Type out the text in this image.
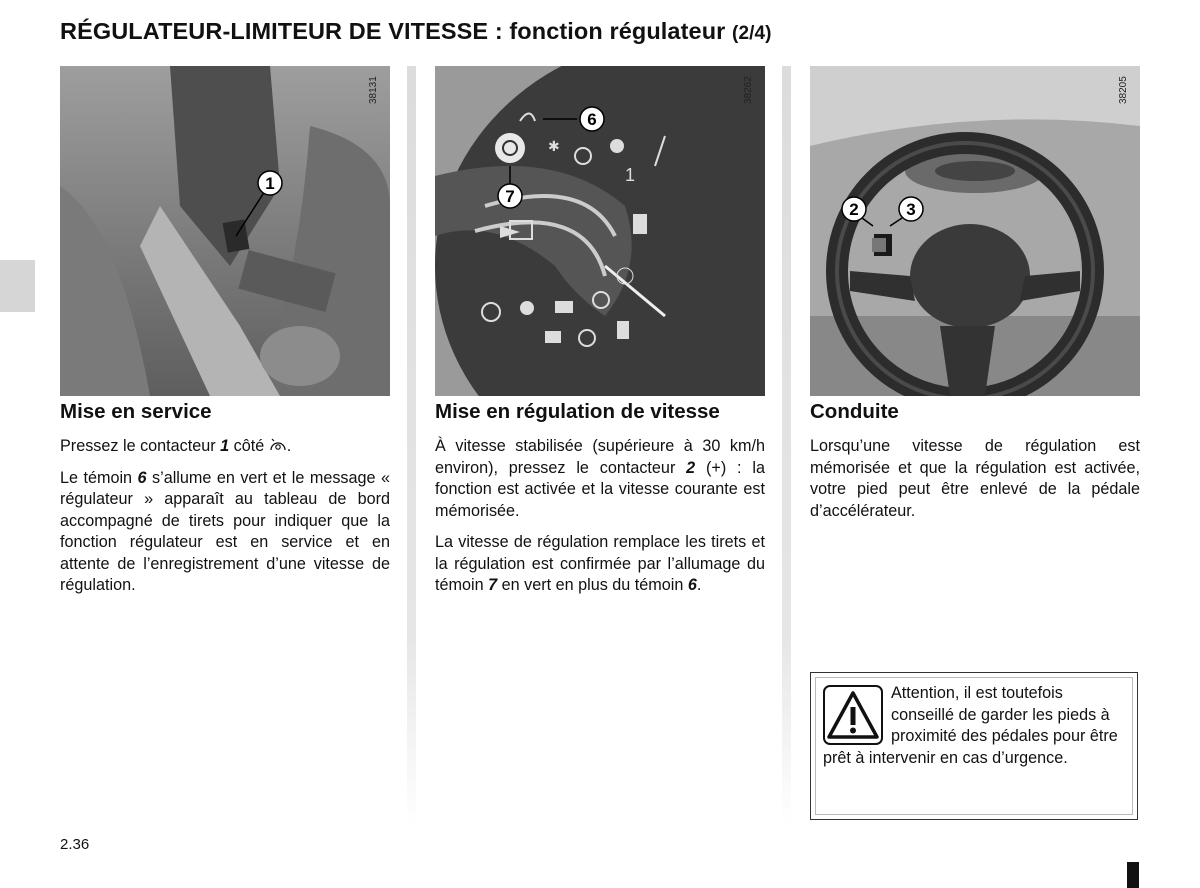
RÉGULATEUR-LIMITEUR DE VITESSE : fonction régulateur (2/4)
1
38131
✱
1
6
7
38262
2	3
38205
Mise en service

Pressez le contacteur 1 côté .

Le témoin 6 s’allume en vert et le message « régulateur » apparaît au tableau de bord accompagné de tirets pour indiquer que la fonction régulateur est en service et en attente de l’enregistrement d’une vitesse de régulation.

Mise en régulation de vitesse

À vitesse stabilisée (supérieure à 30 km/h environ), pressez le contacteur 2 (+) : la fonction est activée et la vitesse courante est mémorisée.

La vitesse de régulation remplace les tirets et la régulation est confirmée par l’allumage du témoin 7 en vert en plus du témoin 6.

Conduite

Lorsqu’une vitesse de régulation est mémorisée et que la régulation est activée, votre pied peut être enlevé de la pédale d’accélérateur.

Attention, il est toutefois conseillé de garder les pieds à proximité des pédales pour être prêt à intervenir en cas d’urgence.
2.36
